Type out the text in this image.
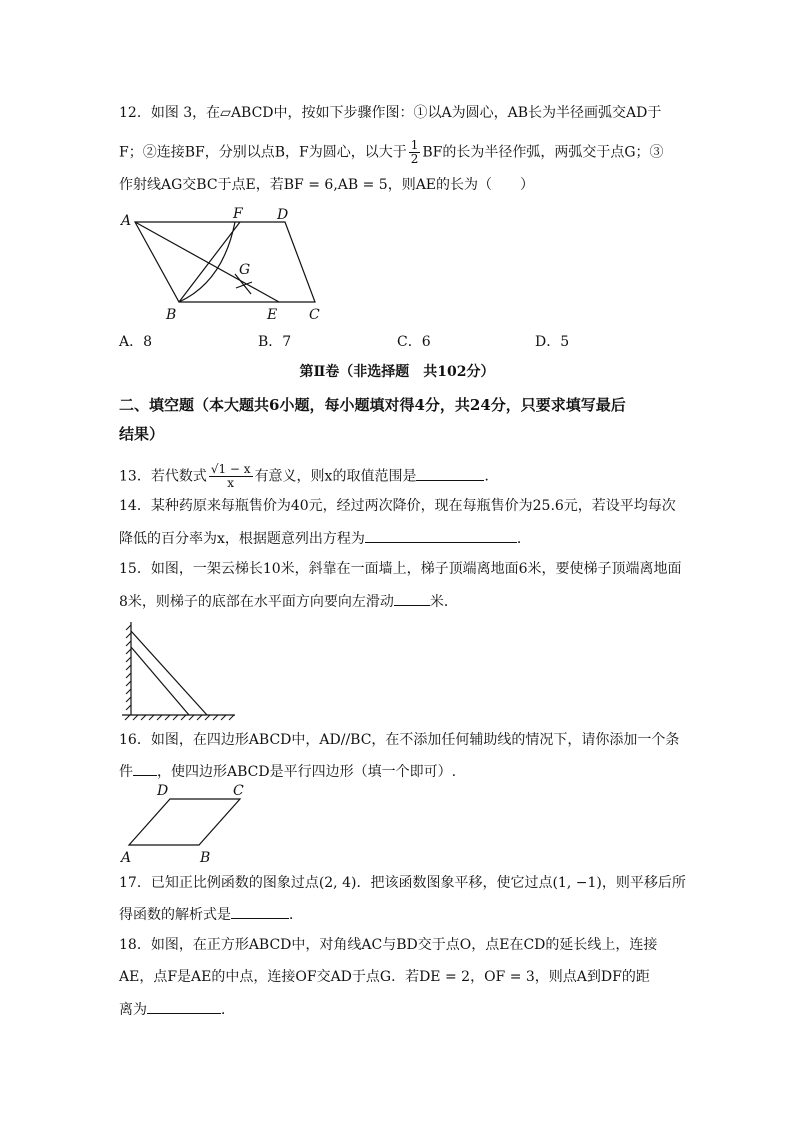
12．如图 3，在▱ABCD中，按如下步骤作图：①以A为圆心，AB长为半径画弧交AD于
F；②连接BF，分别以点B，F为圆心，以大于 $\frac{1}{2}$ BF的长为半径作弧，两弧交于点G；③
作射线AG交BC于点E，若BF = 6,AB = 5，则AE的长为（　　）
A	F D
G
B	E C
A．8	B．7	C．6	D．5
第Ⅱ卷（非选择题　共102分）
二、填空题（本大题共6小题，每小题填对得4分，共24分，只要求填写最后
结果）
13．若代数式 $\frac{√1 - x}{x}$ 有意义，则x的取值范围是	．
14．某种药原来每瓶售价为40元，经过两次降价，现在每瓶售价为25.6元，若设平均每次
降低的百分率为x，根据题意列出方程为	．
15．如图，一架云梯长10米，斜靠在一面墙上，梯子顶端离地面6米，要使梯子顶端离地面
8米，则梯子的底部在水平面方向要向左滑动	米．
16．如图，在四边形ABCD中，AD//BC，在不添加任何辅助线的情况下，请你添加一个条
件 ，使四边形ABCD是平行四边形（填一个即可）.
D	C
A	B
17．已知正比例函数的图象过点(2, 4)．把该函数图象平移，使它过点(1, −1)，则平移后所
得函数的解析式是	．
18．如图，在正方形ABCD中，对角线AC与BD交于点O，点E在CD的延长线上，连接
AE，点F是AE的中点，连接OF交AD于点G．若DE = 2，OF = 3，则点A到DF的距
离为	．
